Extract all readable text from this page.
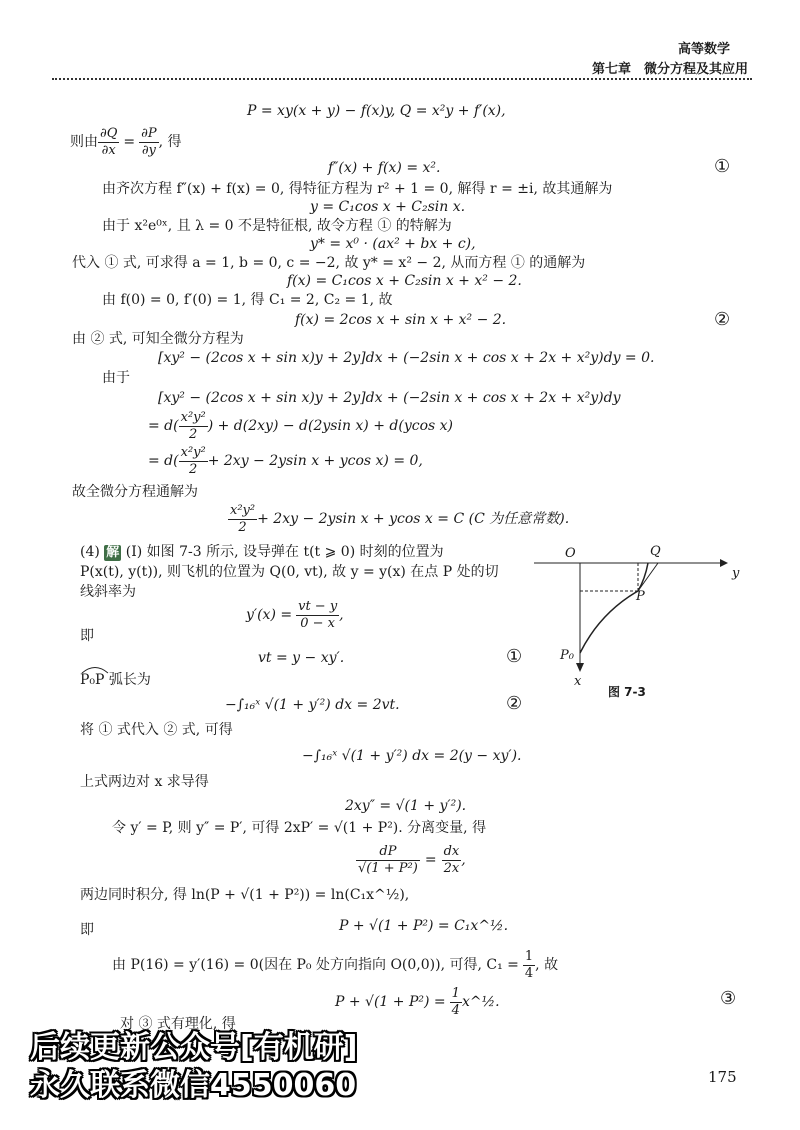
高等数学
第七章　微分方程及其应用
P = xy(x + y) − f(x)y, Q = x²y + f′(x),
则由 $\frac{\partial Q}{\partial x} = \frac{\partial P}{\partial y}$ , 得
f″(x) + f(x) = x².	①
由齐次方程 f″(x) + f(x) = 0, 得特征方程为 r² + 1 = 0, 解得 r = ±i, 故其通解为
y = C₁cos x + C₂sin x.
由于 x²e⁰ˣ, 且 λ = 0 不是特征根, 故令方程 ① 的特解为
y* = x⁰ · (ax² + bx + c),
代入 ① 式, 可求得 a = 1, b = 0, c = −2, 故 y* = x² − 2, 从而方程 ① 的通解为
f(x) = C₁cos x + C₂sin x + x² − 2.
由 f(0) = 0, f′(0) = 1, 得 C₁ = 2, C₂ = 1, 故
f(x) = 2cos x + sin x + x² − 2.	②
由 ② 式, 可知全微分方程为
[xy² − (2cos x + sin x)y + 2y]dx + (−2sin x + cos x + 2x + x²y)dy = 0.
由于
[xy² − (2cos x + sin x)y + 2y]dx + (−2sin x + cos x + 2x + x²y)dy
= $d( \frac{\text{x²y²}}{2}$ ) + d(2xy) − d(2ysin x) + d(ycos x)
= $d( \frac{\text{x²y²}}{2} + 2xy - 2ysin$ x + ycos x) = 0,
故全微分方程通解为
$\frac{\text{x²y²}}{2} + 2xy - 2ysin$ x + ycos x = C (C 为任意常数).
(4) 解 (Ⅰ) 如图 7-3 所示, 设导弹在 t(t ⩾ 0) 时刻的位置为
P(x(t), y(t)), 则飞机的位置为 Q(0, vt), 故 y = y(x) 在点 P 处的切
线斜率为
$y'(x) = \frac{vt - y}{0 - x}$ ,
即
vt = y − xy′.	①
P₀P 弧长为
−∫₁₆ˣ √(1 + y′²) dx = 2vt.	②
将 ① 式代入 ② 式, 可得
−∫₁₆ˣ √(1 + y′²) dx = 2(y − xy′).
上式两边对 x 求导得
2xy″ = √(1 + y′²).
令 y′ = P, 则 y″ = P′, 可得 2xP′ = √(1 + P²). 分离变量, 得
$\frac{dP}{\text{√(1 + P²)}} = \frac{dx}{2x}$ ,
两边同时积分, 得 ln(P + √(1 + P²)) = ln(C₁x^½),
即	P + √(1 + P²) = C₁x^½.
由 P(16) = y′(16) = 0(因在 P₀ 处方向指向 O(0,0)), 可得, $C_1 = \frac{1}{4}$ , 故
$P + √(1 + P^2) = \frac{1}{4}$ x^½.	③
对 ③ 式有理化, 得
O	Q
y
P
P₀
x
图 7-3
后续更新公众号[有机研]
永久联系微信4550060	175
